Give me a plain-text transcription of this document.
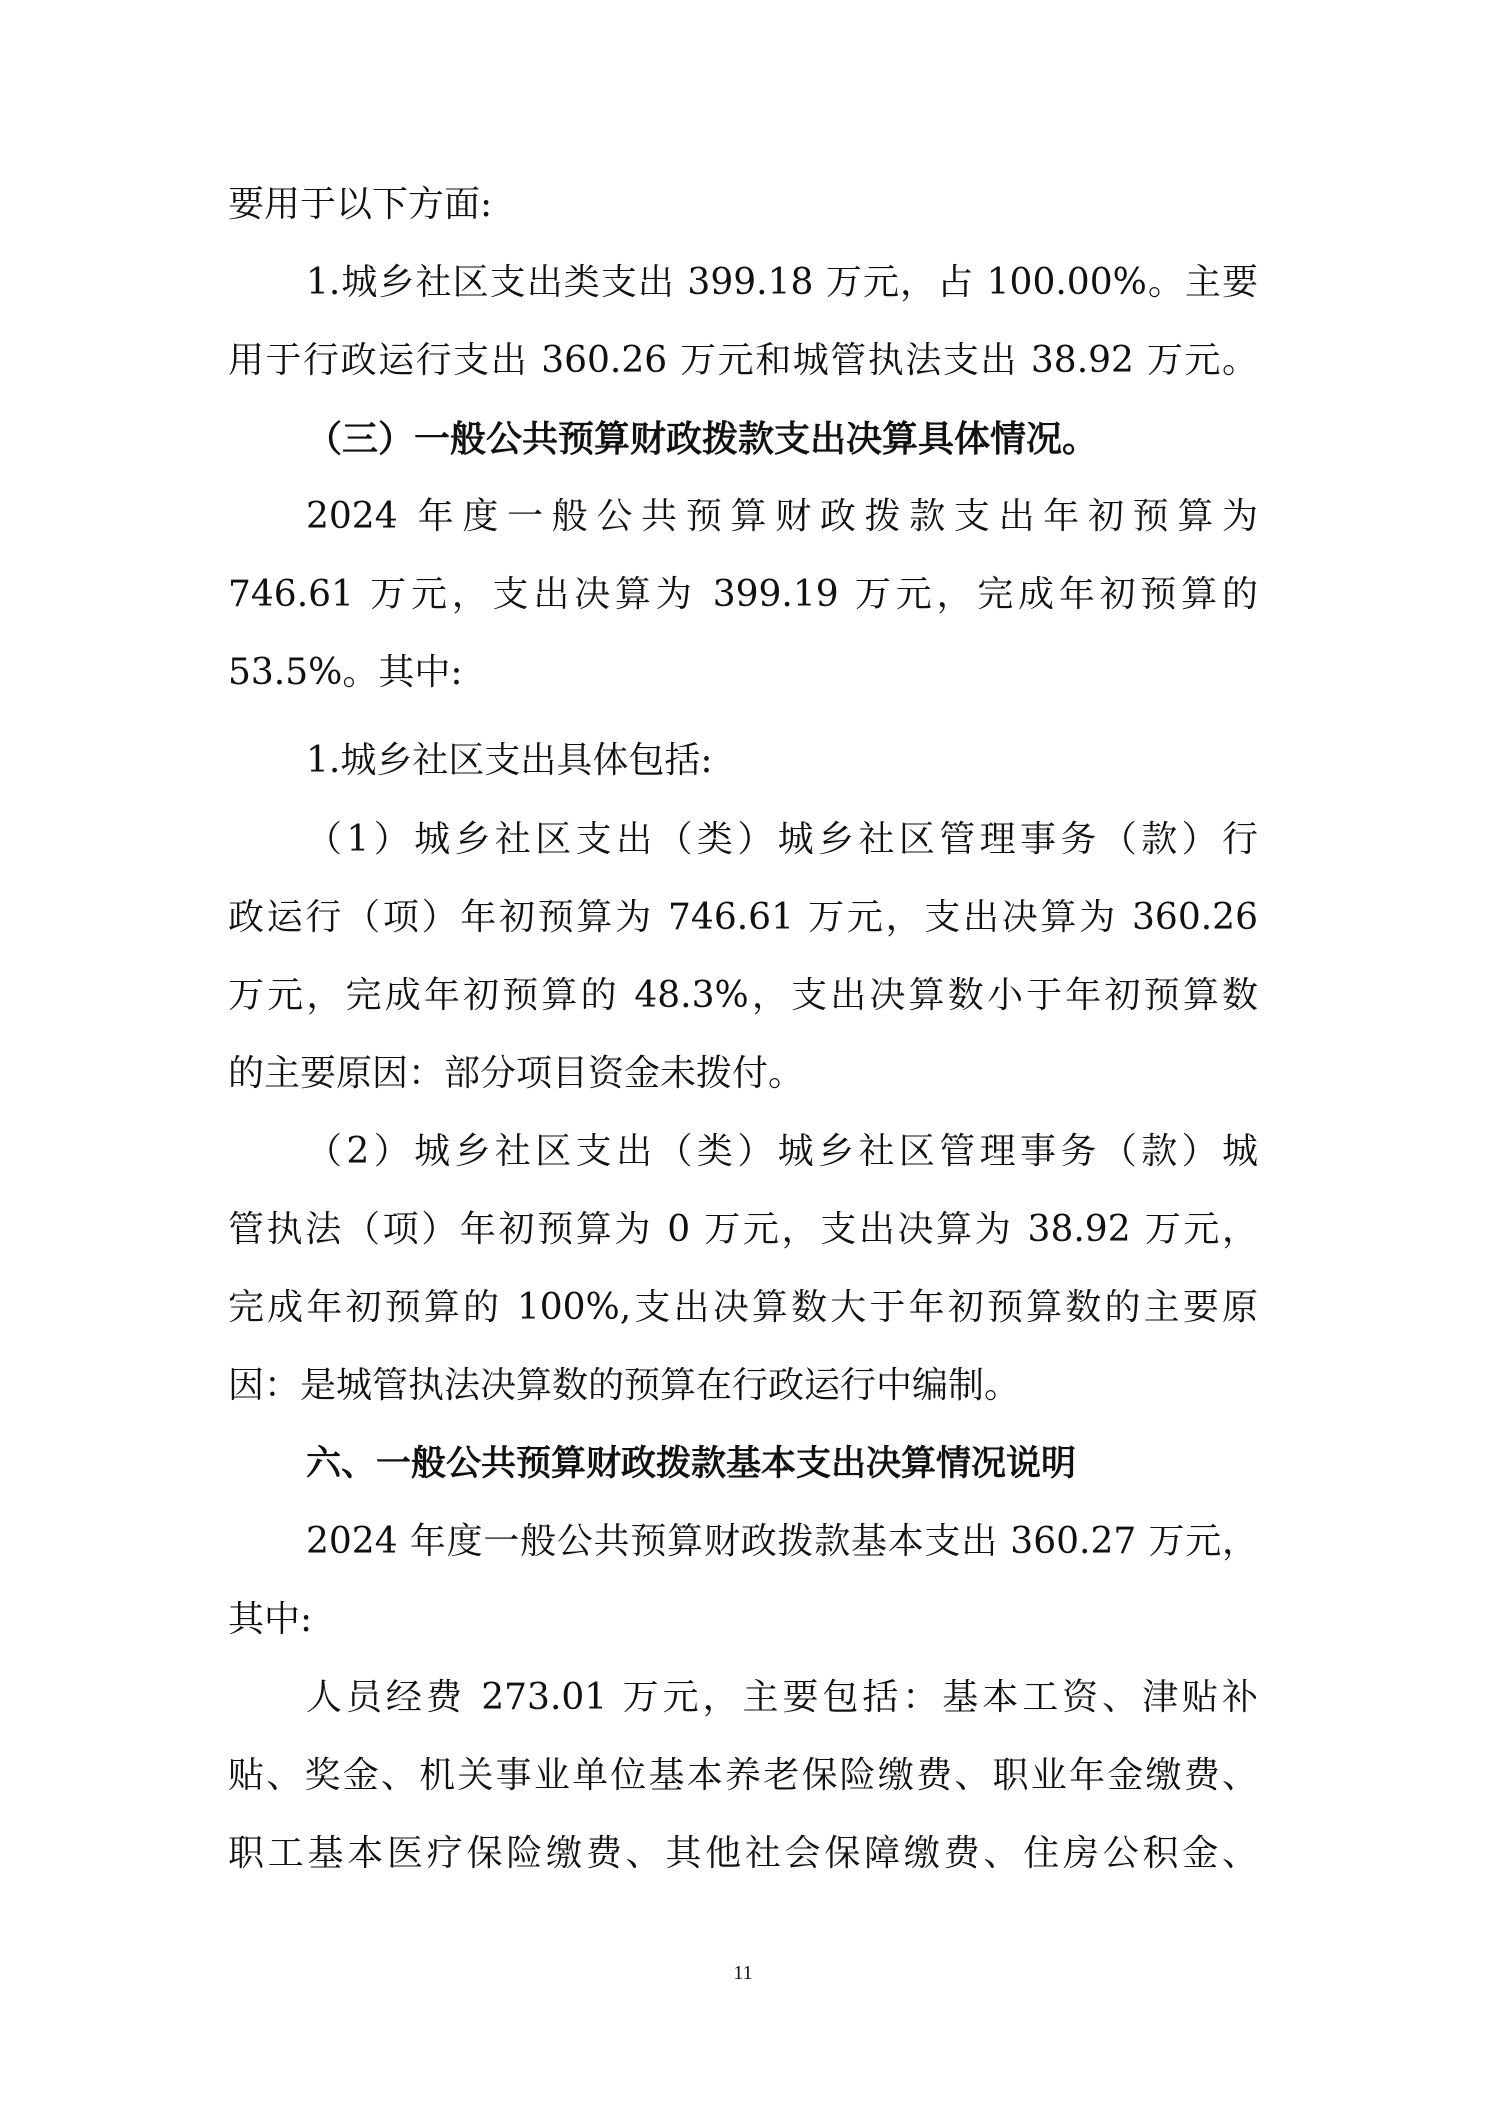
要用于以下方面:
1.城乡社区支出类支出 399.18 万元，占 100.00%。主要
用于行政运行支出 360.26 万元和城管执法支出 38.92 万元。
（三）一般公共预算财政拨款支出决算具体情况。
2024 年度一般公共预算财政拨款支出年初预算为
746.61 万元，支出决算为 399.19 万元，完成年初预算的
53.5%。其中:
1.城乡社区支出具体包括:
（1）城乡社区支出（类）城乡社区管理事务（款）行
政运行（项）年初预算为 746.61 万元，支出决算为 360.26
万元，完成年初预算的 48.3%，支出决算数小于年初预算数
的主要原因：部分项目资金未拨付。
（2）城乡社区支出（类）城乡社区管理事务（款）城
管执法（项）年初预算为 0 万元，支出决算为 38.92 万元，
完成年初预算的 100%,支出决算数大于年初预算数的主要原
因：是城管执法决算数的预算在行政运行中编制。
六、一般公共预算财政拨款基本支出决算情况说明
2024 年度一般公共预算财政拨款基本支出 360.27 万元，
其中:
人员经费 273.01 万元，主要包括：基本工资、津贴补
贴、奖金、机关事业单位基本养老保险缴费、职业年金缴费、
职工基本医疗保险缴费、其他社会保障缴费、住房公积金、
11
